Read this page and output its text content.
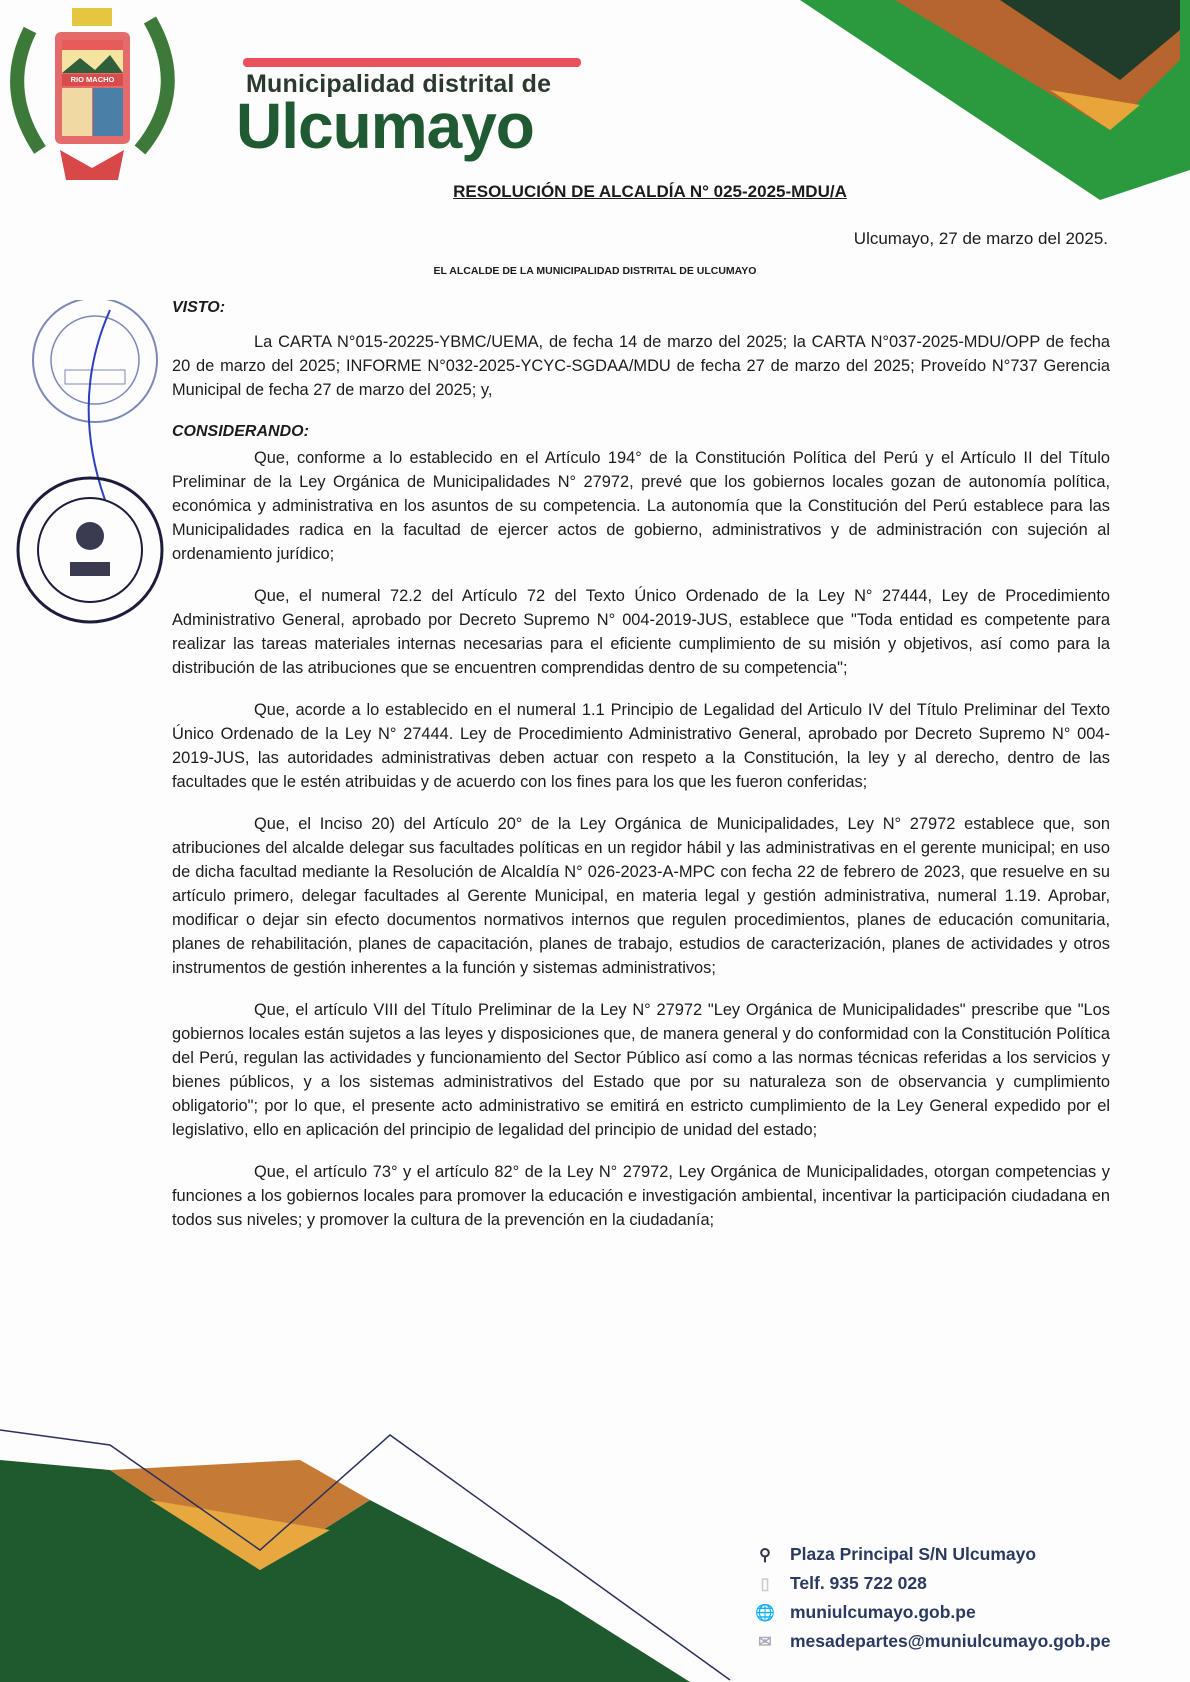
RIO MACHO	Municipalidad distrital de
Ulcumayo
RESOLUCIÓN DE ALCALDÍA N° 025-2025-MDU/A
Ulcumayo, 27 de marzo del 2025.
EL ALCALDE DE LA MUNICIPALIDAD DISTRITAL DE ULCUMAYO
VISTO:

La CARTA N°015-20225-YBMC/UEMA, de fecha 14 de marzo del 2025; la CARTA N°037-2025-MDU/OPP de fecha 20 de marzo del 2025; INFORME N°032-2025-YCYC-SGDAA/MDU de fecha 27 de marzo del 2025; Proveído N°737 Gerencia Municipal de fecha 27 de marzo del 2025; y,

CONSIDERANDO:

Que, conforme a lo establecido en el Artículo 194° de la Constitución Política del Perú y el Artículo II del Título Preliminar de la Ley Orgánica de Municipalidades N° 27972, prevé que los gobiernos locales gozan de autonomía política, económica y administrativa en los asuntos de su competencia. La autonomía que la Constitución del Perú establece para las Municipalidades radica en la facultad de ejercer actos de gobierno, administrativos y de administración con sujeción al ordenamiento jurídico;

Que, el numeral 72.2 del Artículo 72 del Texto Único Ordenado de la Ley N° 27444, Ley de Procedimiento Administrativo General, aprobado por Decreto Supremo N° 004-2019-JUS, establece que "Toda entidad es competente para realizar las tareas materiales internas necesarias para el eficiente cumplimiento de su misión y objetivos, así como para la distribución de las atribuciones que se encuentren comprendidas dentro de su competencia";

Que, acorde a lo establecido en el numeral 1.1 Principio de Legalidad del Articulo IV del Título Preliminar del Texto Único Ordenado de la Ley N° 27444. Ley de Procedimiento Administrativo General, aprobado por Decreto Supremo N° 004-2019-JUS, las autoridades administrativas deben actuar con respeto a la Constitución, la ley y al derecho, dentro de las facultades que le estén atribuidas y de acuerdo con los fines para los que les fueron conferidas;

Que, el Inciso 20) del Artículo 20° de la Ley Orgánica de Municipalidades, Ley N° 27972 establece que, son atribuciones del alcalde delegar sus facultades políticas en un regidor hábil y las administrativas en el gerente municipal; en uso de dicha facultad mediante la Resolución de Alcaldía N° 026-2023-A-MPC con fecha 22 de febrero de 2023, que resuelve en su artículo primero, delegar facultades al Gerente Municipal, en materia legal y gestión administrativa, numeral 1.19. Aprobar, modificar o dejar sin efecto documentos normativos internos que regulen procedimientos, planes de educación comunitaria, planes de rehabilitación, planes de capacitación, planes de trabajo, estudios de caracterización, planes de actividades y otros instrumentos de gestión inherentes a la función y sistemas administrativos;

Que, el artículo VIII del Título Preliminar de la Ley N° 27972 "Ley Orgánica de Municipalidades" prescribe que "Los gobiernos locales están sujetos a las leyes y disposiciones que, de manera general y do conformidad con la Constitución Política del Perú, regulan las actividades y funcionamiento del Sector Público así como a las normas técnicas referidas a los servicios y bienes públicos, y a los sistemas administrativos del Estado que por su naturaleza son de observancia y cumplimiento obligatorio"; por lo que, el presente acto administrativo se emitirá en estricto cumplimiento de la Ley General expedido por el legislativo, ello en aplicación del principio de legalidad del principio de unidad del estado;

Que, el artículo 73° y el artículo 82° de la Ley N° 27972, Ley Orgánica de Municipalidades, otorgan competencias y funciones a los gobiernos locales para promover la educación e investigación ambiental, incentivar la participación ciudadana en todos sus niveles; y promover la cultura de la prevención en la ciudadanía;

⚲ Plaza Principal S/N Ulcumayo
▯	Telf. 935 722 028
🌐 muniulcumayo.gob.pe
✉ mesadepartes@muniulcumayo.gob.pe
